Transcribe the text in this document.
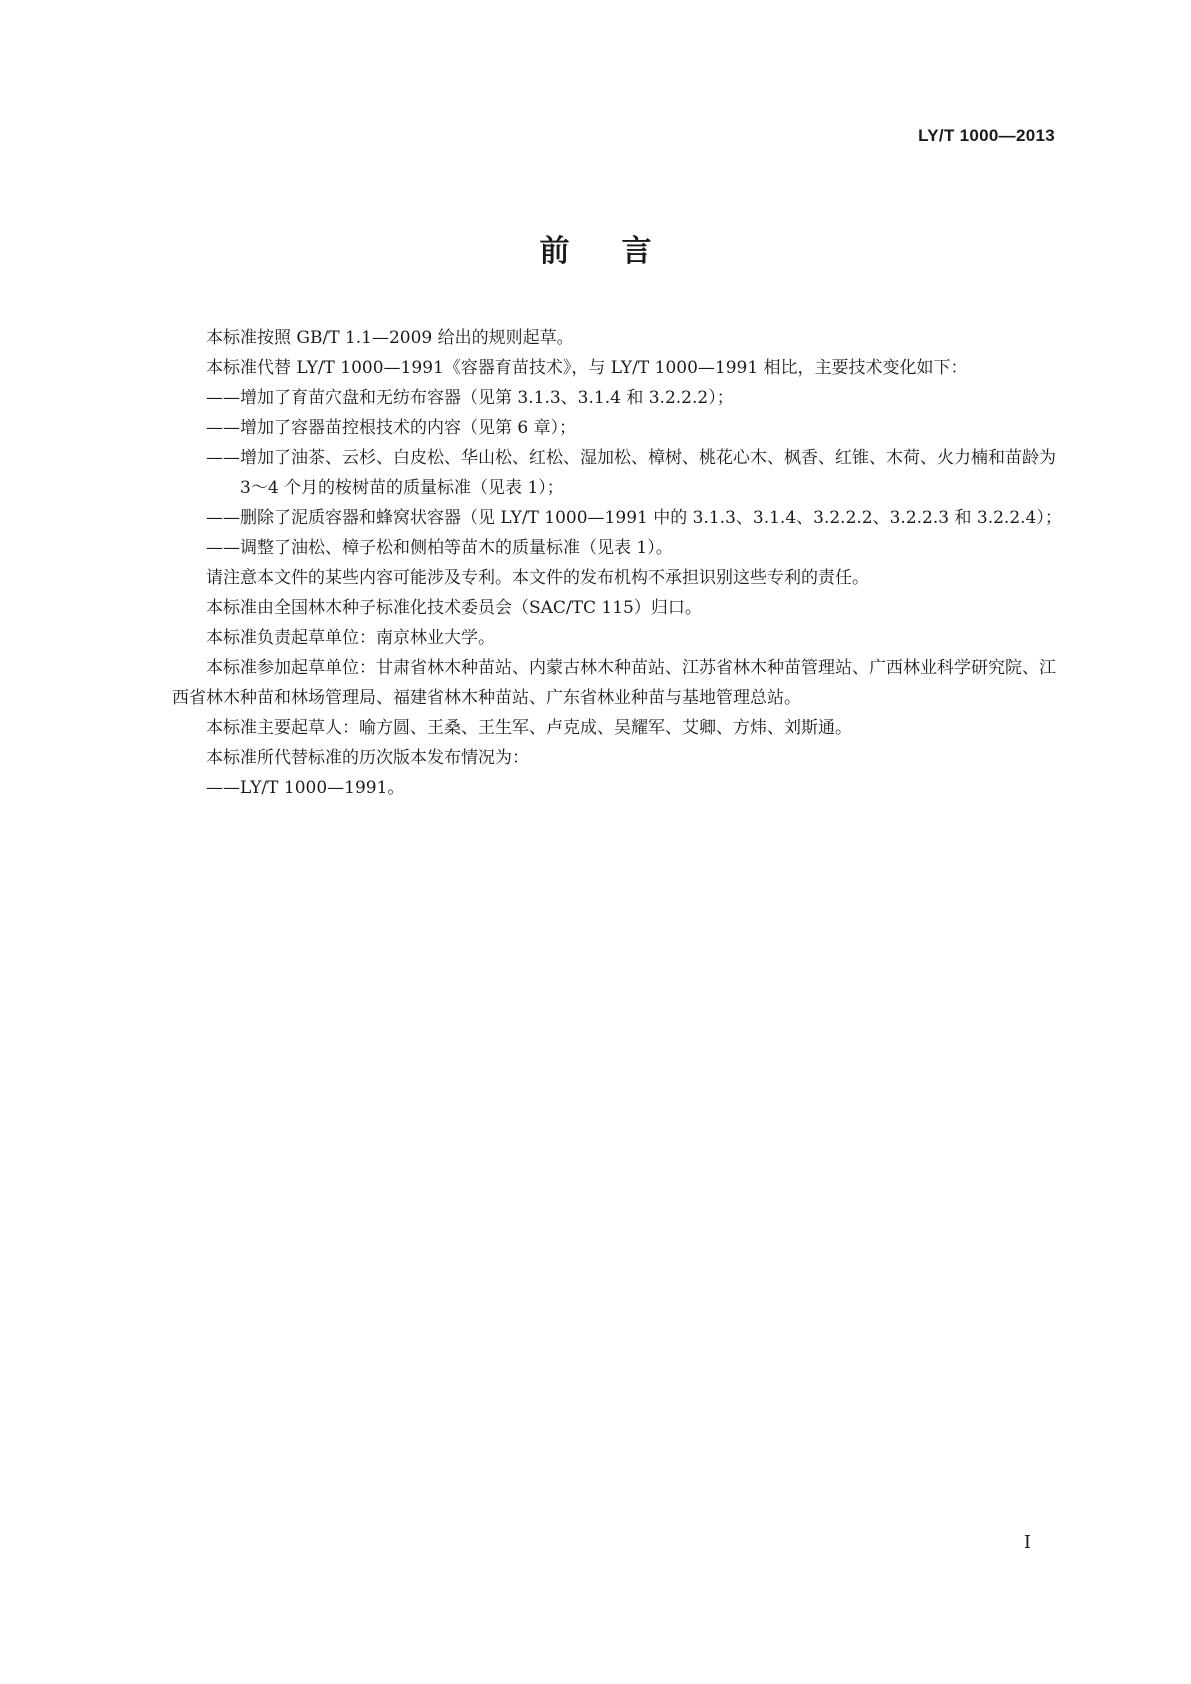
LY/T 1000—2013
前言

本标准按照 GB/T 1.1—2009 给出的规则起草。

本标准代替 LY/T 1000—1991《容器育苗技术》，与 LY/T 1000—1991 相比，主要技术变化如下：

——增加了育苗穴盘和无纺布容器（见第 3.1.3、3.1.4 和 3.2.2.2）；

——增加了容器苗控根技术的内容（见第 6 章）；

——增加了油茶、云杉、白皮松、华山松、红松、湿加松、樟树、桃花心木、枫香、红锥、木荷、火力楠和苗龄为 3～4 个月的桉树苗的质量标准（见表 1）；

——删除了泥质容器和蜂窝状容器（见 LY/T 1000—1991 中的 3.1.3、3.1.4、3.2.2.2、3.2.2.3 和 3.2.2.4）；

——调整了油松、樟子松和侧柏等苗木的质量标准（见表 1）。

请注意本文件的某些内容可能涉及专利。本文件的发布机构不承担识别这些专利的责任。

本标准由全国林木种子标准化技术委员会（SAC/TC 115）归口。

本标准负责起草单位：南京林业大学。

本标准参加起草单位：甘肃省林木种苗站、内蒙古林木种苗站、江苏省林木种苗管理站、广西林业科学研究院、江西省林木种苗和林场管理局、福建省林木种苗站、广东省林业种苗与基地管理总站。

本标准主要起草人：喻方圆、王桑、王生军、卢克成、吴耀军、艾卿、方炜、刘斯通。

本标准所代替标准的历次版本发布情况为：

——LY/T 1000—1991。

I
